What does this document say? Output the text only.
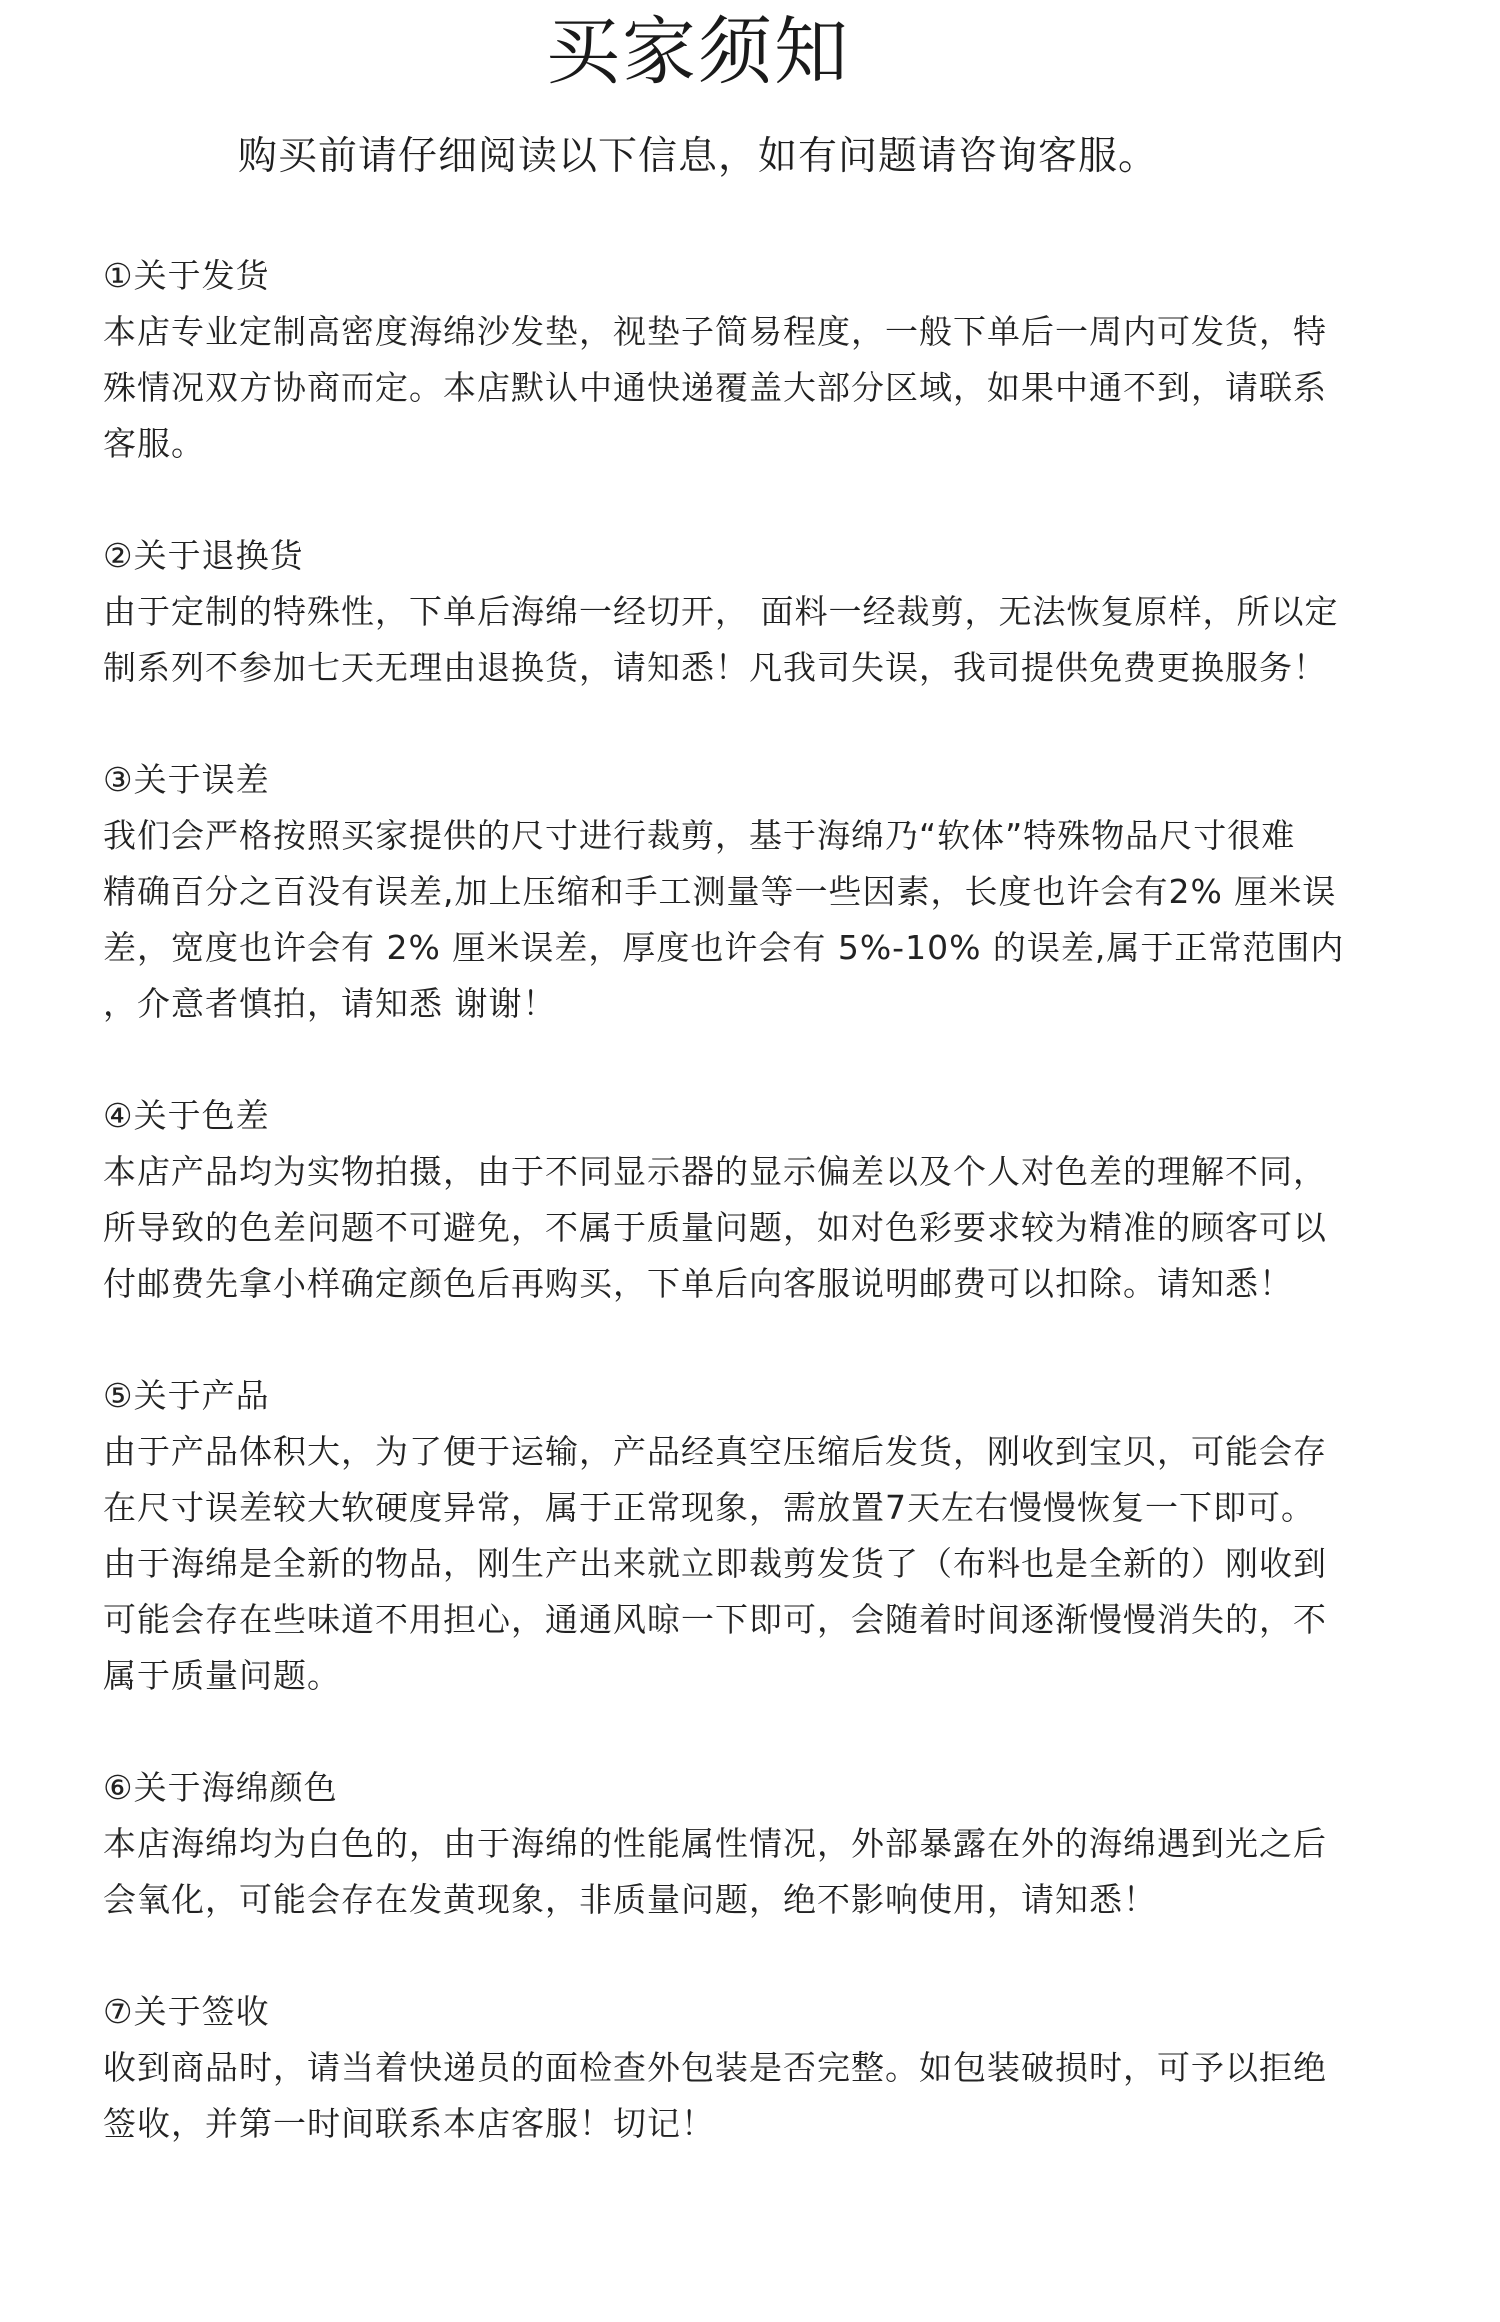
买家须知
购买前请仔细阅读以下信息，如有问题请咨询客服。
①关于发货
本店专业定制高密度海绵沙发垫，视垫子简易程度，一般下单后一周内可发货，特
殊情况双方协商而定。本店默认中通快递覆盖大部分区域，如果中通不到，请联系
客服。
②关于退换货
由于定制的特殊性，下单后海绵一经切开， 面料一经裁剪，无法恢复原样，所以定
制系列不参加七天无理由退换货，请知悉！凡我司失误，我司提供免费更换服务！
③关于误差
我们会严格按照买家提供的尺寸进行裁剪，基于海绵乃“软体”特殊物品尺寸很难
精确百分之百没有误差,加上压缩和手工测量等一些因素，长度也许会有2% 厘米误
差，宽度也许会有 2% 厘米误差，厚度也许会有 5%-10% 的误差,属于正常范围内
，介意者慎拍，请知悉 谢谢！
④关于色差
本店产品均为实物拍摄，由于不同显示器的显示偏差以及个人对色差的理解不同，
所导致的色差问题不可避免，不属于质量问题，如对色彩要求较为精准的顾客可以
付邮费先拿小样确定颜色后再购买，下单后向客服说明邮费可以扣除。请知悉！
⑤关于产品
由于产品体积大，为了便于运输，产品经真空压缩后发货，刚收到宝贝，可能会存
在尺寸误差较大软硬度异常，属于正常现象，需放置7天左右慢慢恢复一下即可。
由于海绵是全新的物品，刚生产出来就立即裁剪发货了（布料也是全新的）刚收到
可能会存在些味道不用担心，通通风晾一下即可，会随着时间逐渐慢慢消失的，不
属于质量问题。
⑥关于海绵颜色
本店海绵均为白色的，由于海绵的性能属性情况，外部暴露在外的海绵遇到光之后
会氧化，可能会存在发黄现象，非质量问题，绝不影响使用，请知悉！
⑦关于签收
收到商品时，请当着快递员的面检查外包装是否完整。如包装破损时，可予以拒绝
签收，并第一时间联系本店客服！切记！
